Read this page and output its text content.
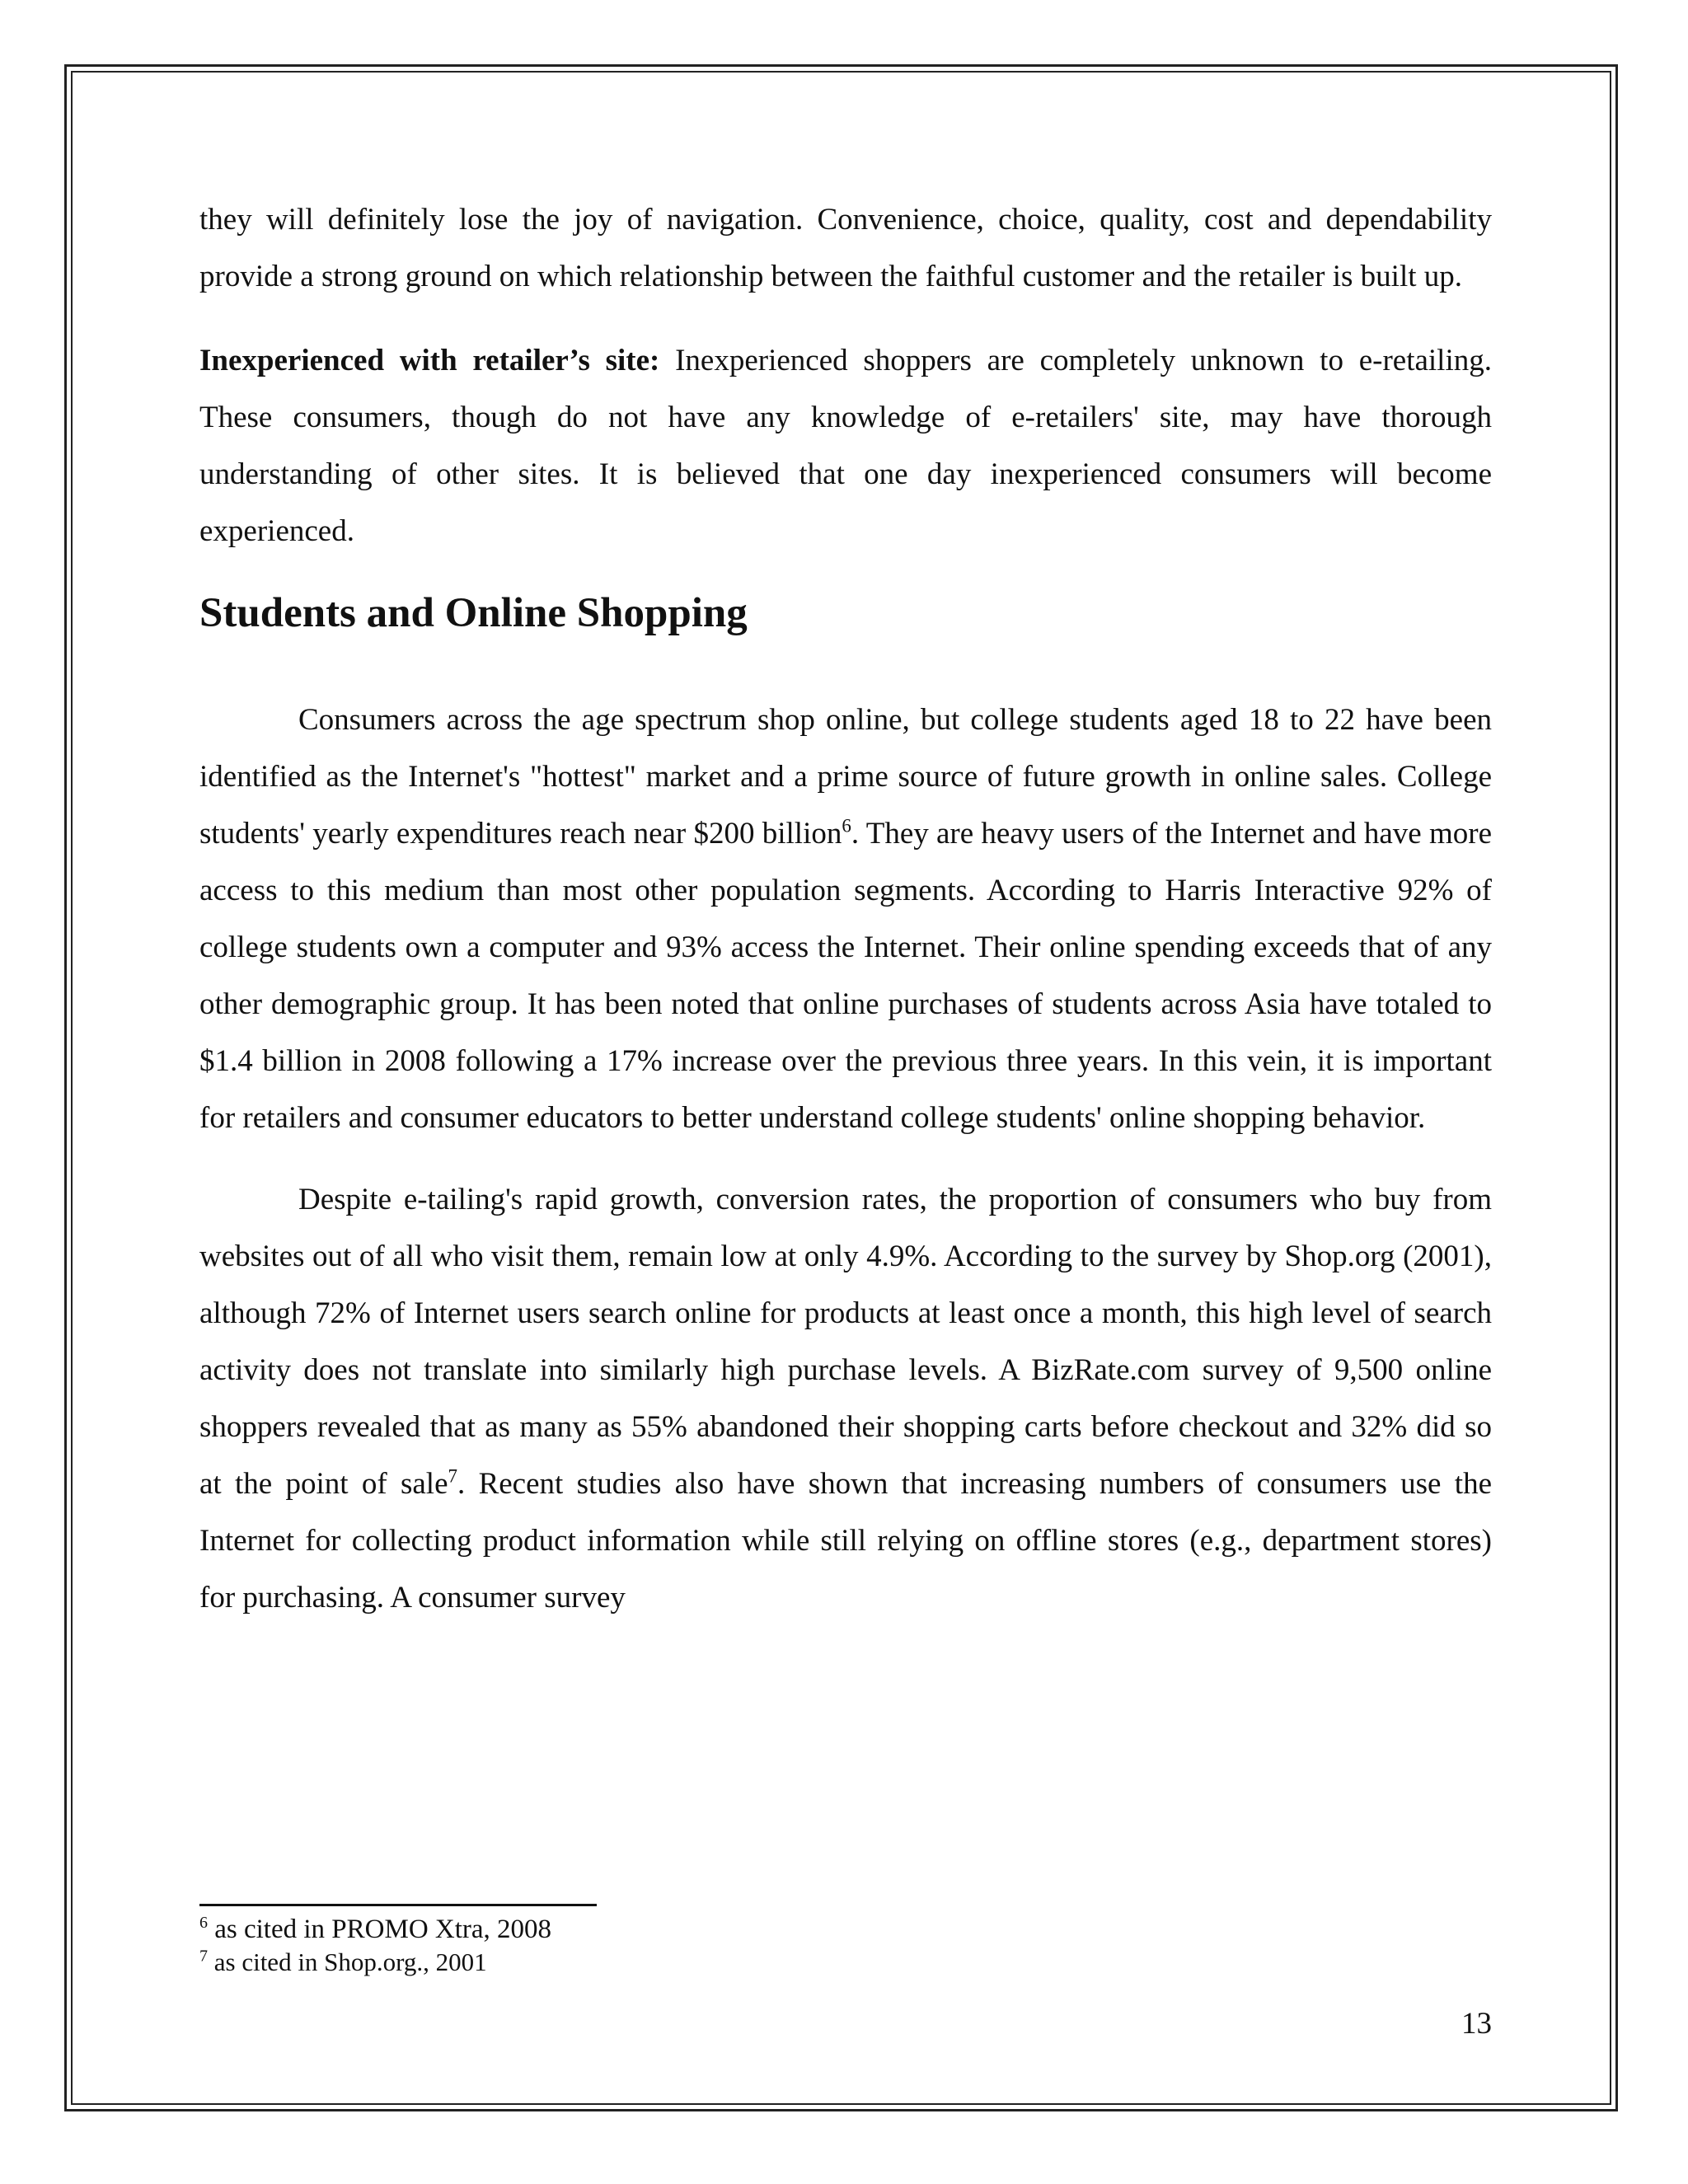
they will definitely lose the joy of navigation. Convenience, choice, quality, cost and dependability provide a strong ground on which relationship between the faithful customer and the retailer is built up.

Inexperienced with retailer’s site: Inexperienced shoppers are completely unknown to e-retailing. These consumers, though do not have any knowledge of e-retailers' site, may have thorough understanding of other sites. It is believed that one day inexperienced consumers will become experienced.

Students and Online Shopping

Consumers across the age spectrum shop online, but college students aged 18 to 22 have been identified as the Internet's "hottest" market and a prime source of future growth in online sales. College students' yearly expenditures reach near $200 billion$^6$. They are heavy users of the Internet and have more access to this medium than most other population segments. According to Harris Interactive 92% of college students own a computer and 93% access the Internet. Their online spending exceeds that of any other demographic group. It has been noted that online purchases of students across Asia have totaled to $1.4 billion in 2008 following a 17% increase over the previous three years. In this vein, it is important for retailers and consumer educators to better understand college students' online shopping behavior.

Despite e-tailing's rapid growth, conversion rates, the proportion of consumers who buy from websites out of all who visit them, remain low at only 4.9%. According to the survey by Shop.org (2001), although 72% of Internet users search online for products at least once a month, this high level of search activity does not translate into similarly high purchase levels. A BizRate.com survey of 9,500 online shoppers revealed that as many as 55% abandoned their shopping carts before checkout and 32% did so at the point of sale$^7$. Recent studies also have shown that increasing numbers of consumers use the Internet for collecting product information while still relying on offline stores (e.g., department stores) for purchasing. A consumer survey

$^6$ as cited in PROMO Xtra, 2008
$^7$ as cited in Shop.org., 2001
13
